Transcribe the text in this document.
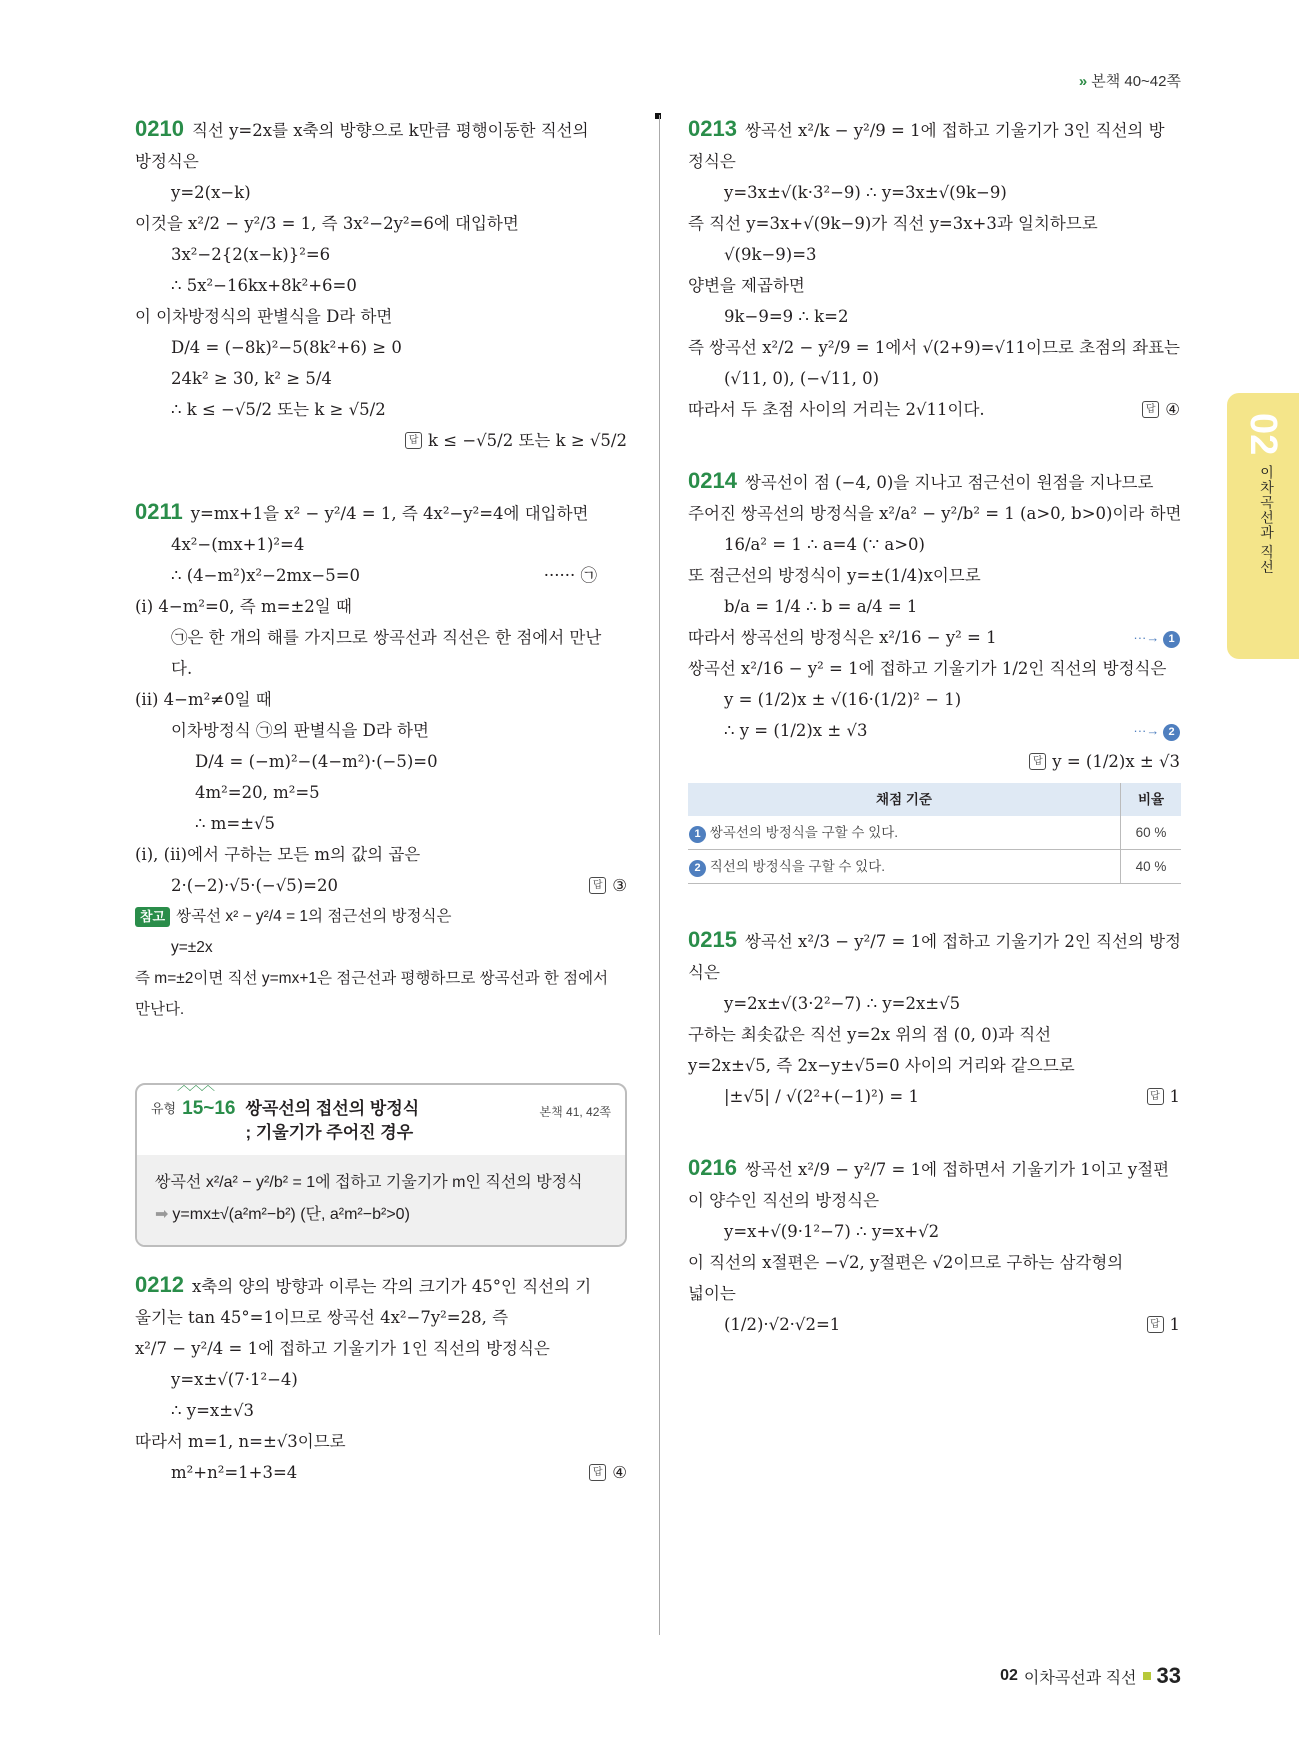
» 본책 40~42쪽
02
이차곡선과 직선
0210 직선 y=2x를 x축의 방향으로 k만큼 평행이동한 직선의
방정식은
y=2(x−k)
이것을 x²/2 − y²/3 = 1, 즉 3x²−2y²=6에 대입하면
3x²−2{2(x−k)}²=6
∴ 5x²−16kx+8k²+6=0
이 이차방정식의 판별식을 D라 하면
D/4 = (−8k)²−5(8k²+6) ≥ 0
24k² ≥ 30, k² ≥ 5/4
∴ k ≤ −√5/2 또는 k ≥ √5/2
답 k ≤ −√5/2 또는 k ≥ √5/2
0211 y=mx+1을 x² − y²/4 = 1, 즉 4x²−y²=4에 대입하면
4x²−(mx+1)²=4
∴ (4−m²)x²−2mx−5=0	······ ㉠
(i) 4−m²=0, 즉 m=±2일 때
㉠은 한 개의 해를 가지므로 쌍곡선과 직선은 한 점에서 만난
다.
(ii) 4−m²≠0일 때
이차방정식 ㉠의 판별식을 D라 하면
D/4 = (−m)²−(4−m²)·(−5)=0
4m²=20, m²=5
∴ m=±√5
(i), (ii)에서 구하는 모든 m의 값의 곱은
2·(−2)·√5·(−√5)=20	답 ③
참고 쌍곡선 x² − y²/4 = 1의 점근선의 방정식은
y=±2x
즉 m=±2이면 직선 y=mx+1은 점근선과 평행하므로 쌍곡선과 한 점에서
만난다.
︿︿︿
유형 15~16 쌍곡선의 접선의 방정식
; 기울기가 주어진 경우
본책 41, 42쪽
쌍곡선 x²/a² − y²/b² = 1에 접하고 기울기가 m인 직선의 방정식
➡ y=mx±√(a²m²−b²) (단, a²m²−b²>0)
0212 x축의 양의 방향과 이루는 각의 크기가 45°인 직선의 기
울기는 tan 45°=1이므로 쌍곡선 4x²−7y²=28, 즉
x²/7 − y²/4 = 1에 접하고 기울기가 1인 직선의 방정식은
y=x±√(7·1²−4)
∴ y=x±√3
따라서 m=1, n=±√3이므로
m²+n²=1+3=4	답 ④
0213 쌍곡선 x²/k − y²/9 = 1에 접하고 기울기가 3인 직선의 방
정식은
y=3x±√(k·3²−9) ∴ y=3x±√(9k−9)
즉 직선 y=3x+√(9k−9)가 직선 y=3x+3과 일치하므로
√(9k−9)=3
양변을 제곱하면
9k−9=9 ∴ k=2
즉 쌍곡선 x²/2 − y²/9 = 1에서 √(2+9)=√11이므로 초점의 좌표는
(√11, 0), (−√11, 0)
따라서 두 초점 사이의 거리는 2√11이다.	답 ④
0214 쌍곡선이 점 (−4, 0)을 지나고 점근선이 원점을 지나므로
주어진 쌍곡선의 방정식을 x²/a² − y²/b² = 1 (a>0, b>0)이라 하면
16/a² = 1 ∴ a=4 (∵ a>0)
또 점근선의 방정식이 y=±(1/4)x이므로
b/a = 1/4 ∴ b = a/4 = 1
따라서 쌍곡선의 방정식은 x²/16 − y² = 1	···→ 1
쌍곡선 x²/16 − y² = 1에 접하고 기울기가 1/2인 직선의 방정식은
y = (1/2)x ± √(16·(1/2)² − 1)
∴ y = (1/2)x ± √3	···→ 2
답 y = (1/2)x ± √3
채점 기준	비율
1 쌍곡선의 방정식을 구할 수 있다.	60 %
2 직선의 방정식을 구할 수 있다.	40 %
0215 쌍곡선 x²/3 − y²/7 = 1에 접하고 기울기가 2인 직선의 방정
식은
y=2x±√(3·2²−7) ∴ y=2x±√5
구하는 최솟값은 직선 y=2x 위의 점 (0, 0)과 직선
y=2x±√5, 즉 2x−y±√5=0 사이의 거리와 같으므로
|±√5| / √(2²+(−1)²) = 1	답 1
0216 쌍곡선 x²/9 − y²/7 = 1에 접하면서 기울기가 1이고 y절편
이 양수인 직선의 방정식은
y=x+√(9·1²−7) ∴ y=x+√2
이 직선의 x절편은 −√2, y절편은 √2이므로 구하는 삼각형의
넓이는
(1/2)·√2·√2=1	답 1
02 이차곡선과 직선 33
